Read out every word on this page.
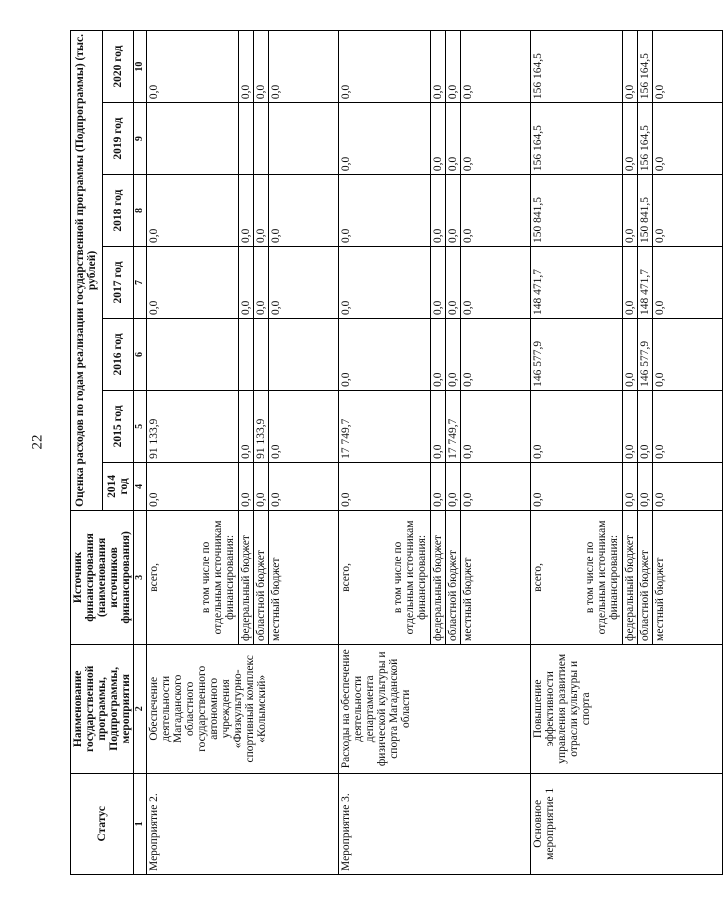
22
Статус	Наименование государственной программы, Подпрограммы, мероприятия	Источник финансирования (наименования источников финансирования)	Оценка расходов по годам реализации государственной программы (Подпрограммы) (тыс. рублей)						
			2014 год	2015 год	2016 год	2017 год	2018 год	2019 год	2020 год
1	2	3	4	5	6	7	8	9	10
Мероприятие 2.	Обеспечение деятельности Магаданского областного государственного автономного учреждения «Физкультурно-спортивный комплекс «Колымский»	всего,	0,0	91 133,9		0,0	0,0		0,0
		в том числе по отдельным источникам финансирования:							
		федеральный бюджет	0,0	0,0		0,0	0,0		0,0
		областной бюджет	0,0	91 133,9		0,0	0,0		0,0
		местный бюджет	0,0	0,0		0,0	0,0		0,0
Мероприятие 3.	Расходы на обеспечение деятельности департамента физической культуры и спорта Магаданской области	всего,	0,0	17 749,7	0,0	0,0	0,0	0,0	0,0
		в том числе по отдельным источникам финансирования:							
		федеральный бюджет	0,0	0,0	0,0	0,0	0,0	0,0	0,0
		областной бюджет	0,0	17 749,7	0,0	0,0	0,0	0,0	0,0
		местный бюджет	0,0	0,0	0,0	0,0	0,0	0,0	0,0
Основное мероприятие 1	Повышение эффективности управления развитием отрасли культуры и спорта	всего,	0,0	0,0	146 577,9	148 471,7	150 841,5	156 164,5	156 164,5
		в том числе по отдельным источникам финансирования:							
		федеральный бюджет	0,0	0,0	0,0	0,0	0,0	0,0	0,0
		областной бюджет	0,0	0,0	146 577,9	148 471,7	150 841,5	156 164,5	156 164,5
		местный бюджет	0,0	0,0	0,0	0,0	0,0	0,0	0,0
